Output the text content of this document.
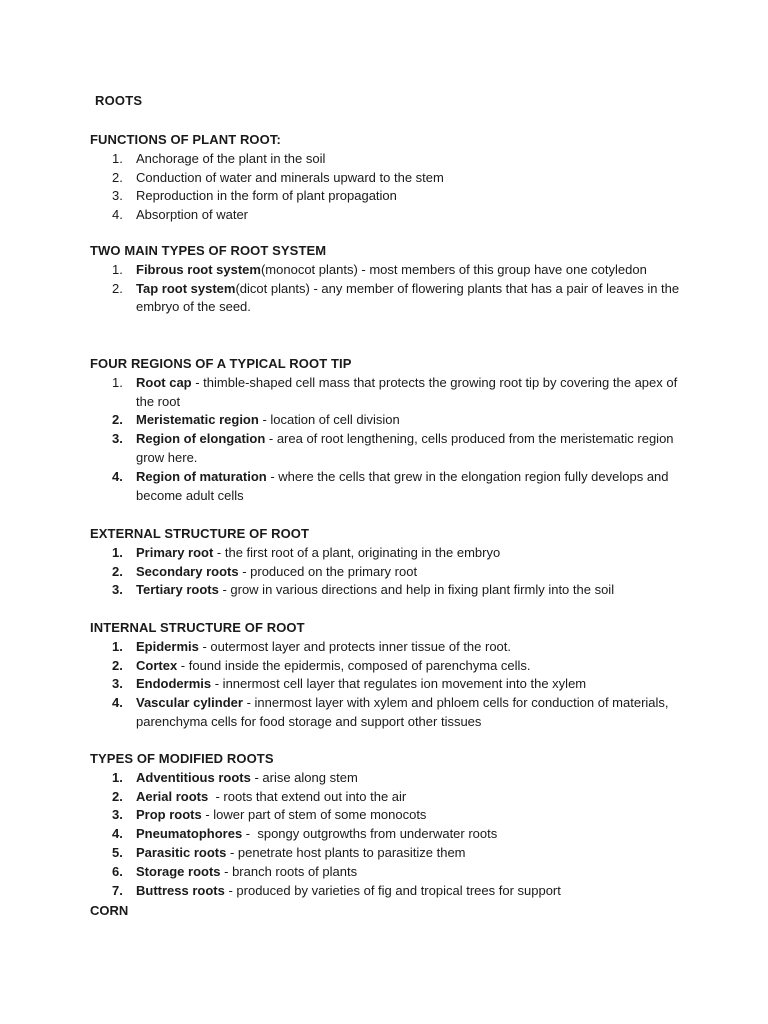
ROOTS
FUNCTIONS OF PLANT ROOT:
1. Anchorage of the plant in the soil
2. Conduction of water and minerals upward to the stem
3. Reproduction in the form of plant propagation
4. Absorption of water
TWO MAIN TYPES OF ROOT SYSTEM
1. Fibrous root system(monocot plants) - most members of this group have one cotyledon
2. Tap root system(dicot plants) - any member of flowering plants that has a pair of leaves in the embryo of the seed.
FOUR REGIONS OF A TYPICAL ROOT TIP
1. Root cap - thimble-shaped cell mass that protects the growing root tip by covering the apex of the root
2. Meristematic region - location of cell division
3. Region of elongation - area of root lengthening, cells produced from the meristematic region grow here.
4. Region of maturation - where the cells that grew in the elongation region fully develops and become adult cells
EXTERNAL STRUCTURE OF ROOT
1. Primary root - the first root of a plant, originating in the embryo
2. Secondary roots - produced on the primary root
3. Tertiary roots - grow in various directions and help in fixing plant firmly into the soil
INTERNAL STRUCTURE OF ROOT
1. Epidermis - outermost layer and protects inner tissue of the root.
2. Cortex - found inside the epidermis, composed of parenchyma cells.
3. Endodermis - innermost cell layer that regulates ion movement into the xylem
4. Vascular cylinder - innermost layer with xylem and phloem cells for conduction of materials, parenchyma cells for food storage and support other tissues
TYPES OF MODIFIED ROOTS
1. Adventitious roots - arise along stem
2. Aerial roots  - roots that extend out into the air
3. Prop roots - lower part of stem of some monocots
4. Pneumatophores -  spongy outgrowths from underwater roots
5. Parasitic roots - penetrate host plants to parasitize them
6. Storage roots - branch roots of plants
7. Buttress roots - produced by varieties of fig and tropical trees for support
CORN
